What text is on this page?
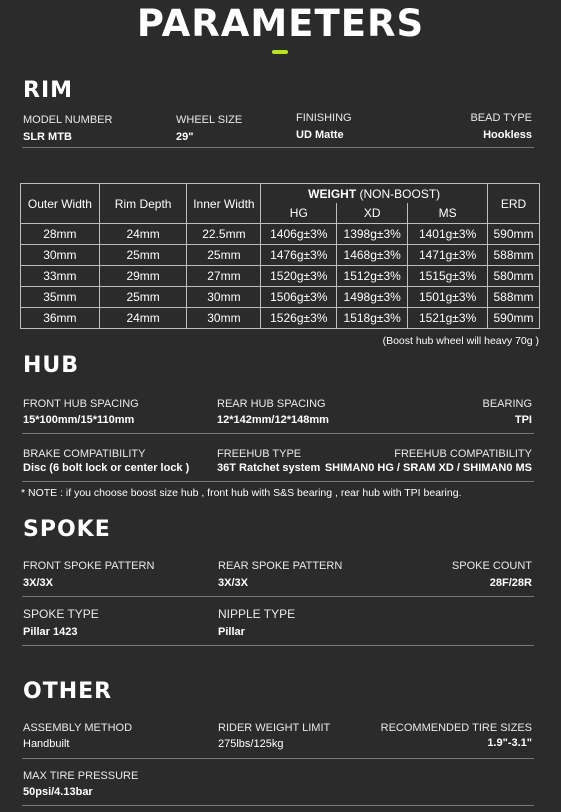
PARAMETERS
RIM
MODEL NUMBER
SLR MTB
WHEEL SIZE
29"
FINISHING
UD Matte
BEAD TYPE
Hookless
Outer Width	Rim Depth	Inner Width	WEIGHT (NON-BOOST)			ERD
			HG	XD	MS	
28mm	24mm	22.5mm	1406g±3%	1398g±3%	1401g±3%	590mm
30mm	25mm	25mm	1476g±3%	1468g±3%	1471g±3%	588mm
33mm	29mm	27mm	1520g±3%	1512g±3%	1515g±3%	580mm
35mm	25mm	30mm	1506g±3%	1498g±3%	1501g±3%	588mm
36mm	24mm	30mm	1526g±3%	1518g±3%	1521g±3%	590mm
(Boost hub wheel will heavy 70g )
HUB
FRONT HUB SPACING
15*100mm/15*110mm
REAR HUB SPACING
12*142mm/12*148mm
BEARING
TPI
BRAKE COMPATIBILITY
Disc (6 bolt lock or center lock )
FREEHUB TYPE
36T Ratchet system
FREEHUB COMPATIBILITY
SHIMAN0 HG / SRAM XD / SHIMAN0 MS
* NOTE : if you choose boost size hub , front hub with S&S bearing , rear hub with TPI bearing.
SPOKE
FRONT SPOKE PATTERN
3X/3X
REAR SPOKE PATTERN
3X/3X
SPOKE COUNT
28F/28R
SPOKE TYPE
Pillar 1423
NIPPLE TYPE
Pillar
OTHER
ASSEMBLY METHOD
Handbuilt
RIDER WEIGHT LIMIT
275lbs/125kg
RECOMMENDED TIRE SIZES
1.9"-3.1"
MAX TIRE PRESSURE
50psi/4.13bar
